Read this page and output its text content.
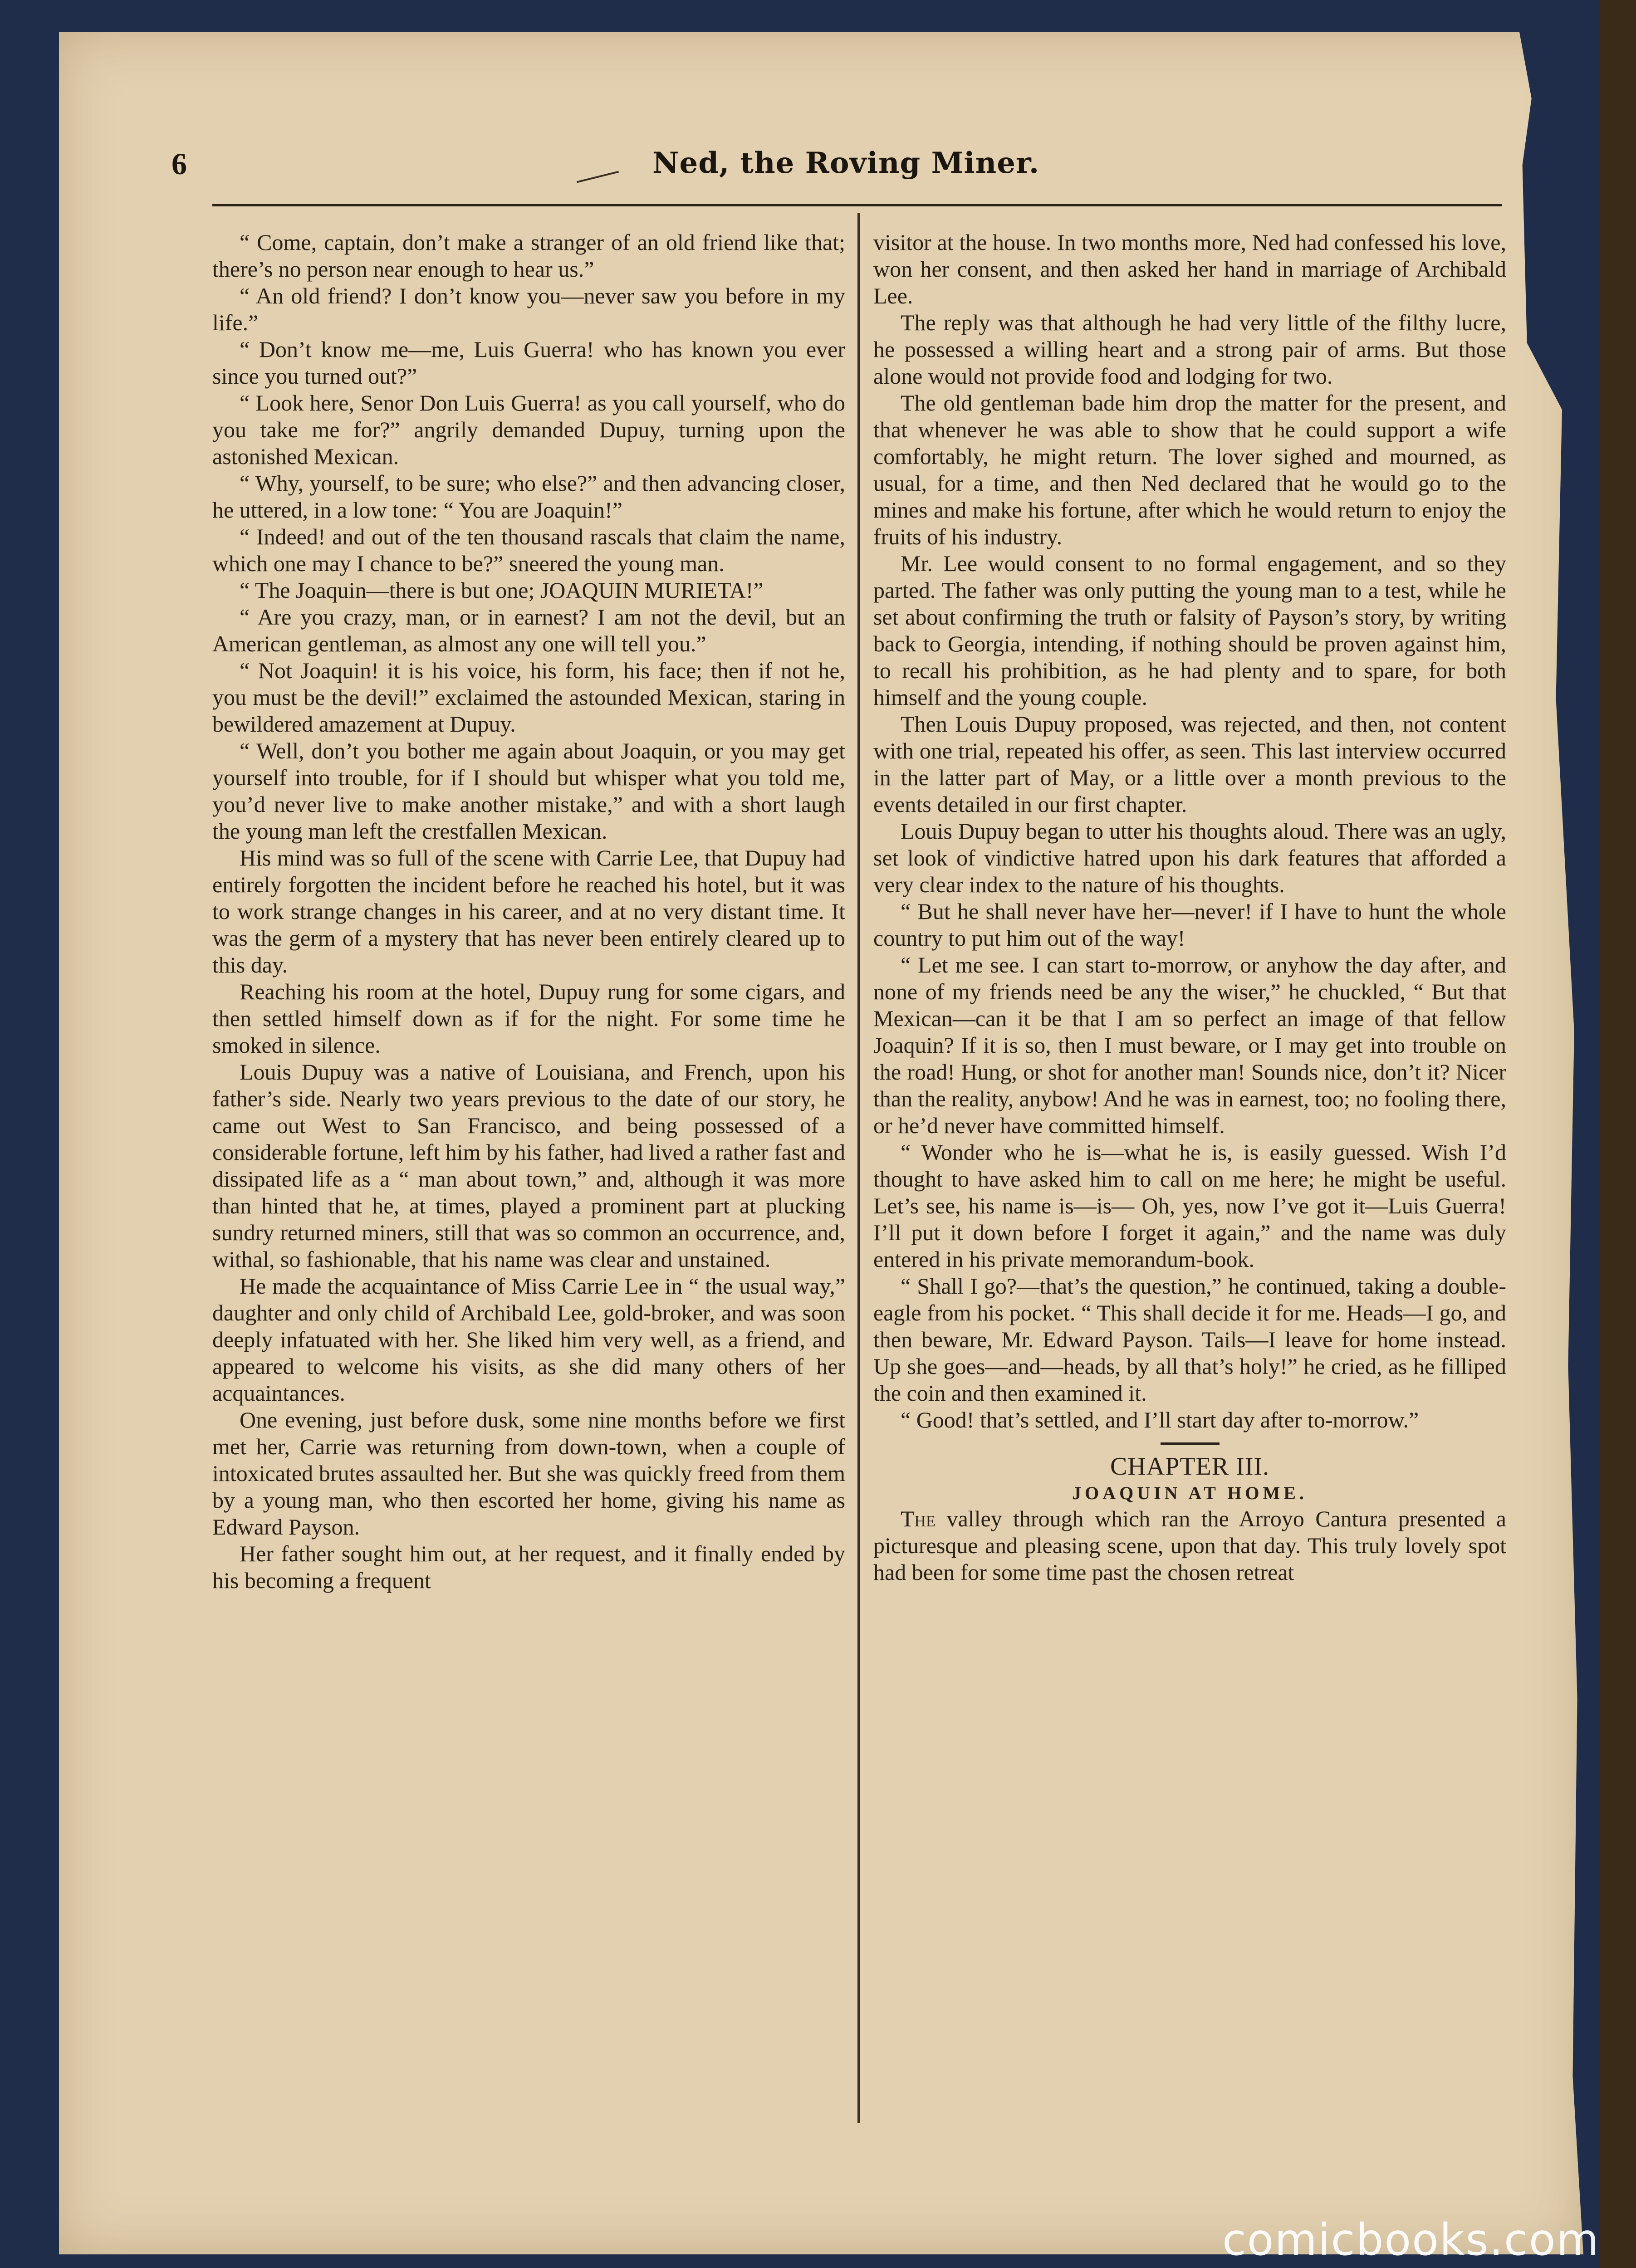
6	Ned, the Roving Miner.

“ Come, captain, don’t make a stranger of an old friend like that; there’s no person near enough to hear us.”

“ An old friend? I don’t know you—never saw you before in my life.”

“ Don’t know me—me, Luis Guerra! who has known you ever since you turned out?”

“ Look here, Senor Don Luis Guerra! as you call yourself, who do you take me for?” angrily demanded Dupuy, turning upon the astonished Mexican.

“ Why, yourself, to be sure; who else?” and then advancing closer, he uttered, in a low tone: “ You are Joaquin!”

“ Indeed! and out of the ten thousand rascals that claim the name, which one may I chance to be?” sneered the young man.

“ The Joaquin—there is but one; JOAQUIN MURIETA!”

“ Are you crazy, man, or in earnest? I am not the devil, but an American gentleman, as almost any one will tell you.”

“ Not Joaquin! it is his voice, his form, his face; then if not he, you must be the devil!” exclaimed the astounded Mexican, staring in bewildered amazement at Dupuy.

“ Well, don’t you bother me again about Joaquin, or you may get yourself into trouble, for if I should but whisper what you told me, you’d never live to make another mistake,” and with a short laugh the young man left the crestfallen Mexican.

His mind was so full of the scene with Carrie Lee, that Dupuy had entirely forgotten the incident before he reached his hotel, but it was to work strange changes in his career, and at no very distant time. It was the germ of a mystery that has never been entirely cleared up to this day.

Reaching his room at the hotel, Dupuy rung for some cigars, and then settled himself down as if for the night. For some time he smoked in silence.

Louis Dupuy was a native of Louisiana, and French, upon his father’s side. Nearly two years previous to the date of our story, he came out West to San Francisco, and being possessed of a considerable fortune, left him by his father, had lived a rather fast and dissipated life as a “ man about town,” and, although it was more than hinted that he, at times, played a prominent part at plucking sundry returned miners, still that was so common an occurrence, and, withal, so fashionable, that his name was clear and unstained.

He made the acquaintance of Miss Carrie Lee in “ the usual way,” daughter and only child of Archibald Lee, gold-broker, and was soon deeply infatuated with her. She liked him very well, as a friend, and appeared to welcome his visits, as she did many others of her acquaintances.

One evening, just before dusk, some nine months before we first met her, Carrie was returning from down-town, when a couple of intoxicated brutes assaulted her. But she was quickly freed from them by a young man, who then escorted her home, giving his name as Edward Payson.

Her father sought him out, at her request, and it finally ended by his becoming a frequent

visitor at the house. In two months more, Ned had confessed his love, won her consent, and then asked her hand in marriage of Archibald Lee.

The reply was that although he had very little of the filthy lucre, he possessed a willing heart and a strong pair of arms. But those alone would not provide food and lodging for two.

The old gentleman bade him drop the matter for the present, and that whenever he was able to show that he could support a wife comfortably, he might return. The lover sighed and mourned, as usual, for a time, and then Ned declared that he would go to the mines and make his fortune, after which he would return to enjoy the fruits of his industry.

Mr. Lee would consent to no formal engagement, and so they parted. The father was only putting the young man to a test, while he set about confirming the truth or falsity of Payson’s story, by writing back to Georgia, intending, if nothing should be proven against him, to recall his prohibition, as he had plenty and to spare, for both himself and the young couple.

Then Louis Dupuy proposed, was rejected, and then, not content with one trial, repeated his offer, as seen. This last interview occurred in the latter part of May, or a little over a month previous to the events detailed in our first chapter.

Louis Dupuy began to utter his thoughts aloud. There was an ugly, set look of vindictive hatred upon his dark features that afforded a very clear index to the nature of his thoughts.

“ But he shall never have her—never! if I have to hunt the whole country to put him out of the way!

“ Let me see. I can start to-morrow, or anyhow the day after, and none of my friends need be any the wiser,” he chuckled, “ But that Mexican—can it be that I am so perfect an image of that fellow Joaquin? If it is so, then I must beware, or I may get into trouble on the road! Hung, or shot for another man! Sounds nice, don’t it? Nicer than the reality, anybow! And he was in earnest, too; no fooling there, or he’d never have committed himself.

“ Wonder who he is—what he is, is easily guessed. Wish I’d thought to have asked him to call on me here; he might be useful. Let’s see, his name is—is— Oh, yes, now I’ve got it—Luis Guerra! I’ll put it down before I forget it again,” and the name was duly entered in his private memorandum-book.

“ Shall I go?—that’s the question,” he continued, taking a double-eagle from his pocket. “ This shall decide it for me. Heads—I go, and then beware, Mr. Edward Payson. Tails—I leave for home instead. Up she goes—and—heads, by all that’s holy!” he cried, as he filliped the coin and then examined it.

“ Good! that’s settled, and I’ll start day after to-morrow.”

CHAPTER III.

JOAQUIN AT HOME.

The valley through which ran the Arroyo Cantura presented a picturesque and pleasing scene, upon that day. This truly lovely spot had been for some time past the chosen retreat

comicbooks.com
